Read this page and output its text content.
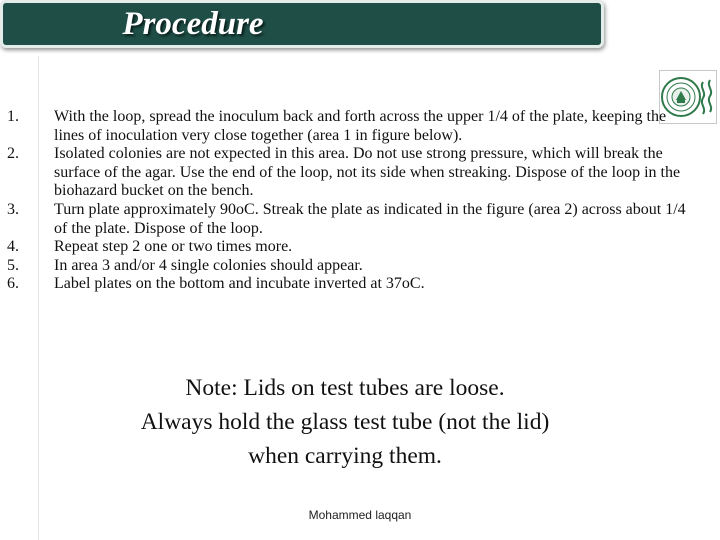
Procedure
1. With the loop, spread the inoculum back and forth across the upper 1/4 of the plate, keeping the lines of inoculation very close together (area 1 in figure below).
2. Isolated colonies are not expected in this area. Do not use strong pressure, which will break the surface of the agar. Use the end of the loop, not its side when streaking. Dispose of the loop in the biohazard bucket on the bench.
3. Turn plate approximately 90oC. Streak the plate as indicated in the figure (area 2) across about 1/4 of the plate. Dispose of the loop.
4. Repeat step 2 one or two times more.
5. In area 3 and/or 4 single colonies should appear.
6. Label plates on the bottom and incubate inverted at 37oC.
Note: Lids on test tubes are loose.
Always hold the glass test tube (not the lid)
when carrying them.
Mohammed laqqan
